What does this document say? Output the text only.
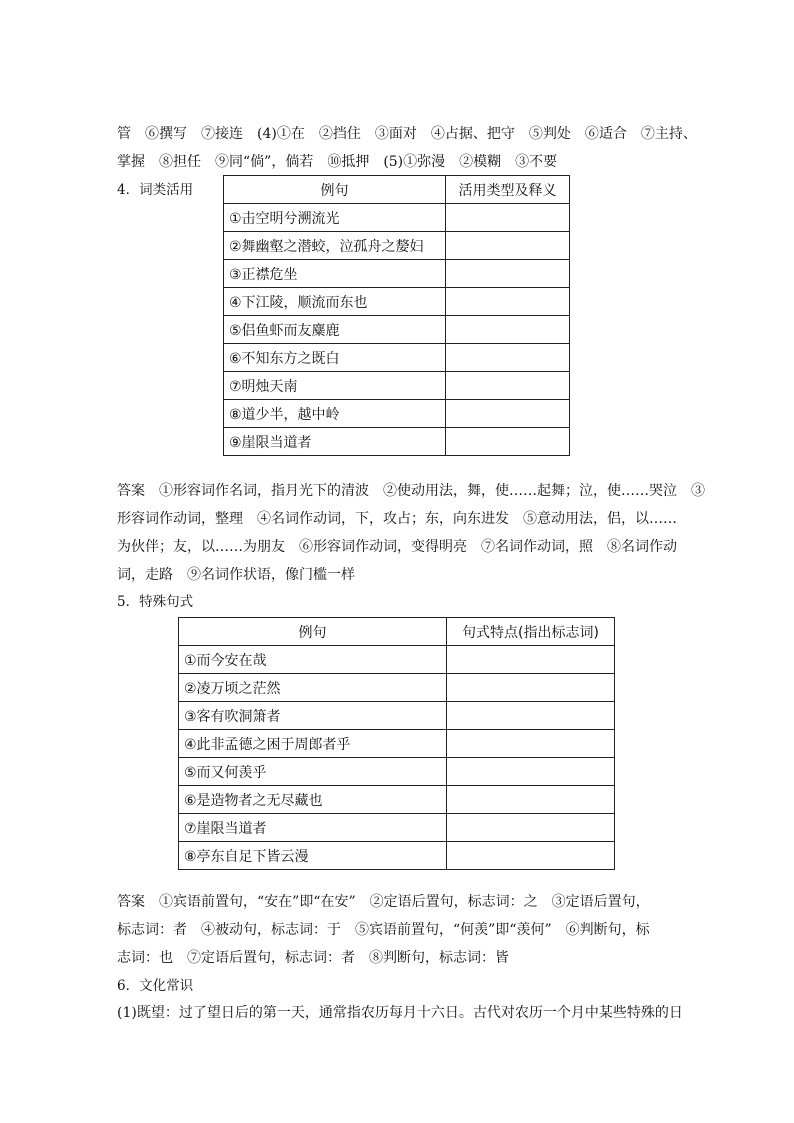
管　⑥撰写　⑦接连　(4)①在　②挡住　③面对　④占据、把守　⑤判处　⑥适合　⑦主持、
掌握　⑧担任　⑨同“倘”，倘若　⑩抵押　(5)①弥漫　②模糊　③不要
4．词类活用	例句	活用类型及释义
①击空明兮溯流光	
②舞幽壑之潜蛟，泣孤舟之嫠妇	
③正襟危坐	
④下江陵，顺流而东也	
⑤侣鱼虾而友麋鹿	
⑥不知东方之既白	
⑦明烛天南	
⑧道少半，越中岭	
⑨崖限当道者	
答案　 ①形容词作名词，指月光下的清波　②使动用法，舞，使……起舞；泣，使……哭泣　③
形容词作动词，整理　④名词作动词，下，攻占；东，向东进发　⑤意动用法，侣，以……
为伙伴；友，以……为朋友　⑥形容词作动词，变得明亮　⑦名词作动词，照　⑧名词作动
词，走路　⑨名词作状语，像门槛一样
5．特殊句式
例句	句式特点(指出标志词)
①而今安在哉	
②凌万顷之茫然	
③客有吹洞箫者	
④此非孟德之困于周郎者乎	
⑤而又何羡乎	
⑥是造物者之无尽藏也	
⑦崖限当道者	
⑧亭东自足下皆云漫	
答案　 ①宾语前置句，“安在”即“在安”　②定语后置句，标志词：之　③定语后置句，
标志词：者　④被动句，标志词：于　⑤宾语前置句，“何羡”即“羡何”　⑥判断句，标
志词：也　⑦定语后置句，标志词：者　⑧判断句，标志词：皆
6．文化常识
(1)既望：过了望日后的第一天，通常指农历每月十六日。古代对农历一个月中某些特殊的日
